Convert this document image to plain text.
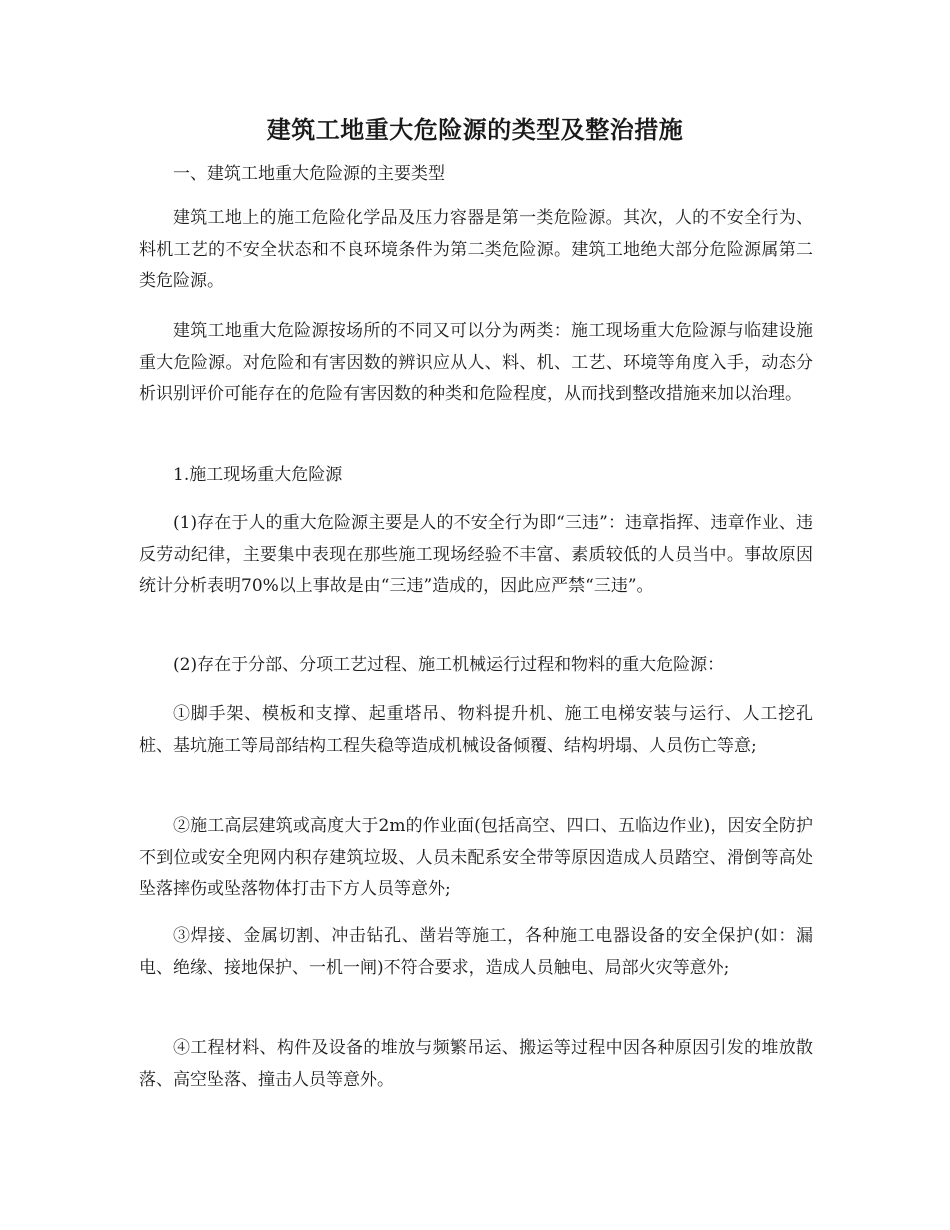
建筑工地重大危险源的类型及整治措施

一、建筑工地重大危险源的主要类型

建筑工地上的施工危险化学品及压力容器是第一类危险源。其次，人的不安全行为、料机工艺的不安全状态和不良环境条件为第二类危险源。建筑工地绝大部分危险源属第二类危险源。

建筑工地重大危险源按场所的不同又可以分为两类：施工现场重大危险源与临建设施重大危险源。对危险和有害因数的辨识应从人、料、机、工艺、环境等角度入手，动态分析识别评价可能存在的危险有害因数的种类和危险程度，从而找到整改措施来加以治理。

1.施工现场重大危险源

(1)存在于人的重大危险源主要是人的不安全行为即“三违”：违章指挥、违章作业、违反劳动纪律，主要集中表现在那些施工现场经验不丰富、素质较低的人员当中。事故原因统计分析表明70%以上事故是由“三违”造成的，因此应严禁“三违”。

(2)存在于分部、分项工艺过程、施工机械运行过程和物料的重大危险源：

①脚手架、模板和支撑、起重塔吊、物料提升机、施工电梯安装与运行、人工挖孔桩、基坑施工等局部结构工程失稳等造成机械设备倾覆、结构坍塌、人员伤亡等意;

②施工高层建筑或高度大于2m的作业面(包括高空、四口、五临边作业)，因安全防护不到位或安全兜网内积存建筑垃圾、人员未配系安全带等原因造成人员踏空、滑倒等高处坠落摔伤或坠落物体打击下方人员等意外;

③焊接、金属切割、冲击钻孔、凿岩等施工，各种施工电器设备的安全保护(如：漏电、绝缘、接地保护、一机一闸)不符合要求，造成人员触电、局部火灾等意外;

④工程材料、构件及设备的堆放与频繁吊运、搬运等过程中因各种原因引发的堆放散落、高空坠落、撞击人员等意外。
